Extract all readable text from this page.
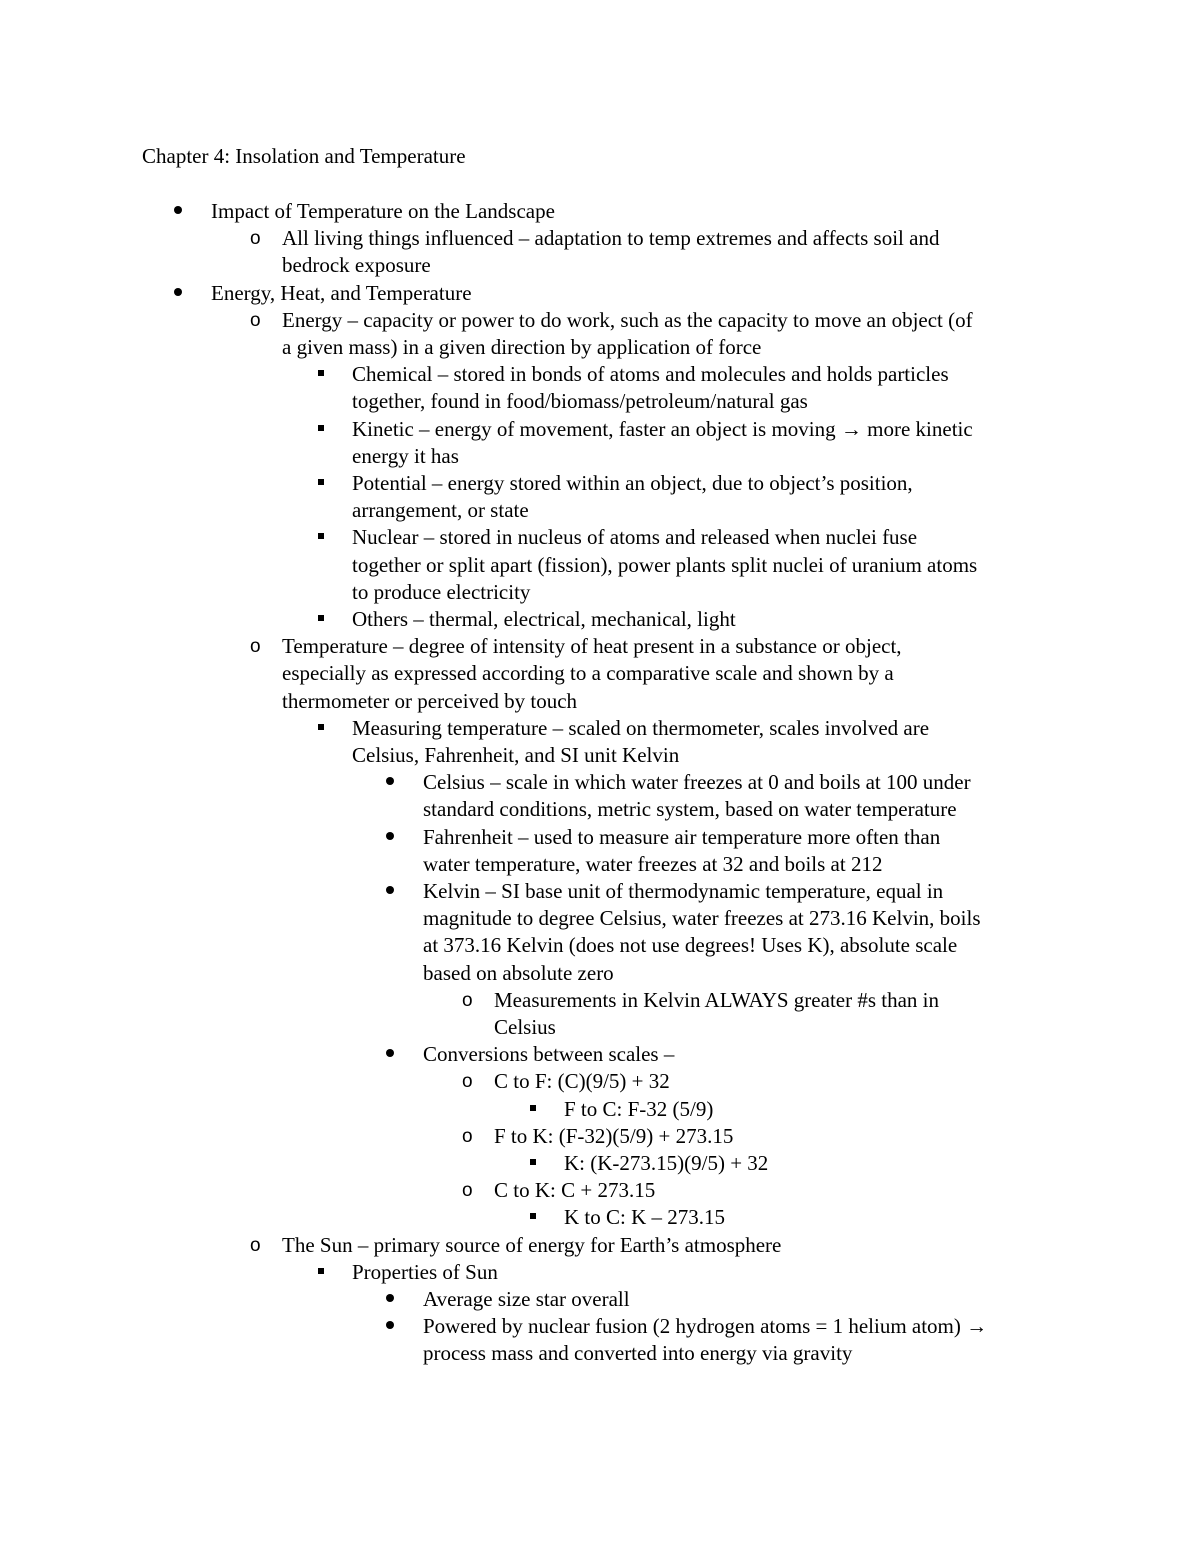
Chapter 4: Insolation and Temperature
Impact of Temperature on the Landscape
o All living things influenced – adaptation to temp extremes and affects soil and
bedrock exposure
Energy, Heat, and Temperature
o Energy – capacity or power to do work, such as the capacity to move an object (of
a given mass) in a given direction by application of force
Chemical – stored in bonds of atoms and molecules and holds particles
together, found in food/biomass/petroleum/natural gas
Kinetic – energy of movement, faster an object is moving → more kinetic
energy it has
Potential – energy stored within an object, due to object’s position,
arrangement, or state
Nuclear – stored in nucleus of atoms and released when nuclei fuse
together or split apart (fission), power plants split nuclei of uranium atoms
to produce electricity
Others – thermal, electrical, mechanical, light
o Temperature – degree of intensity of heat present in a substance or object,
especially as expressed according to a comparative scale and shown by a
thermometer or perceived by touch
Measuring temperature – scaled on thermometer, scales involved are
Celsius, Fahrenheit, and SI unit Kelvin
Celsius – scale in which water freezes at 0 and boils at 100 under
standard conditions, metric system, based on water temperature
Fahrenheit – used to measure air temperature more often than
water temperature, water freezes at 32 and boils at 212
Kelvin – SI base unit of thermodynamic temperature, equal in
magnitude to degree Celsius, water freezes at 273.16 Kelvin, boils
at 373.16 Kelvin (does not use degrees! Uses K), absolute scale
based on absolute zero
o Measurements in Kelvin ALWAYS greater #s than in
Celsius
Conversions between scales –
o C to F: (C)(9/5) + 32
F to C: F-32 (5/9)
o F to K: (F-32)(5/9) + 273.15
K: (K-273.15)(9/5) + 32
o C to K: C + 273.15
K to C: K – 273.15
o The Sun – primary source of energy for Earth’s atmosphere
Properties of Sun
Average size star overall
Powered by nuclear fusion (2 hydrogen atoms = 1 helium atom) →
process mass and converted into energy via gravity
